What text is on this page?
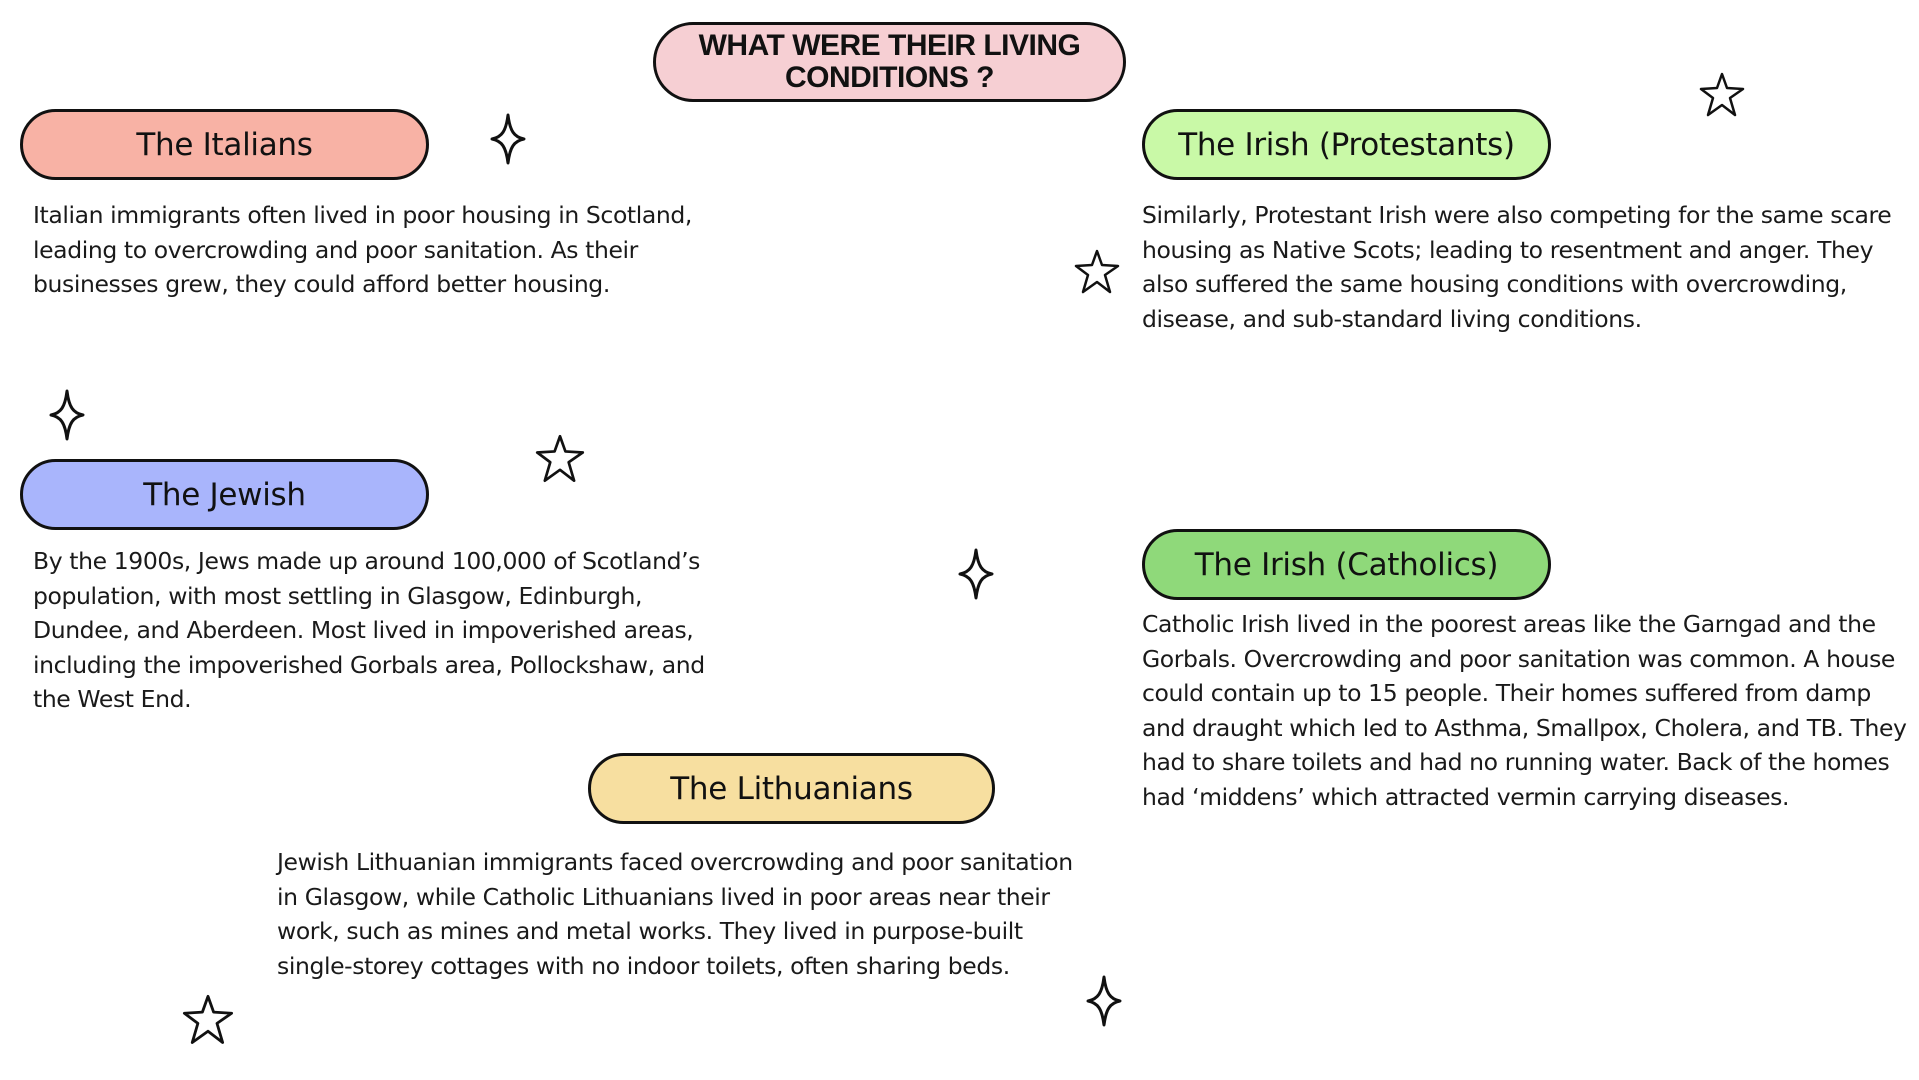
WHAT WERE THEIR LIVING
CONDITIONS ?
The Italians

Italian immigrants often lived in poor housing in Scotland, leading to overcrowding and poor sanitation. As their businesses grew, they could afford better housing.

The Jewish

By the 1900s, Jews made up around 100,000 of Scotland’s population, with most settling in Glasgow, Edinburgh, Dundee, and Aberdeen. Most lived in impoverished areas, including the impoverished Gorbals area, Pollockshaw, and the West End.

The Lithuanians

Jewish Lithuanian immigrants faced overcrowding and poor sanitation in Glasgow, while Catholic Lithuanians lived in poor areas near their work, such as mines and metal works. They lived in purpose-built single-storey cottages with no indoor toilets, often sharing beds.

The Irish (Protestants)

Similarly, Protestant Irish were also competing for the same scare housing as Native Scots; leading to resentment and anger. They also suffered the same housing conditions with overcrowding, disease, and sub-standard living conditions.

The Irish (Catholics)

Catholic Irish lived in the poorest areas like the Garngad and the Gorbals. Overcrowding and poor sanitation was common. A house could contain up to 15 people. Their homes suffered from damp and draught which led to Asthma, Smallpox, Cholera, and TB. They had to share toilets and had no running water. Back of the homes had ‘middens’ which attracted vermin carrying diseases.
